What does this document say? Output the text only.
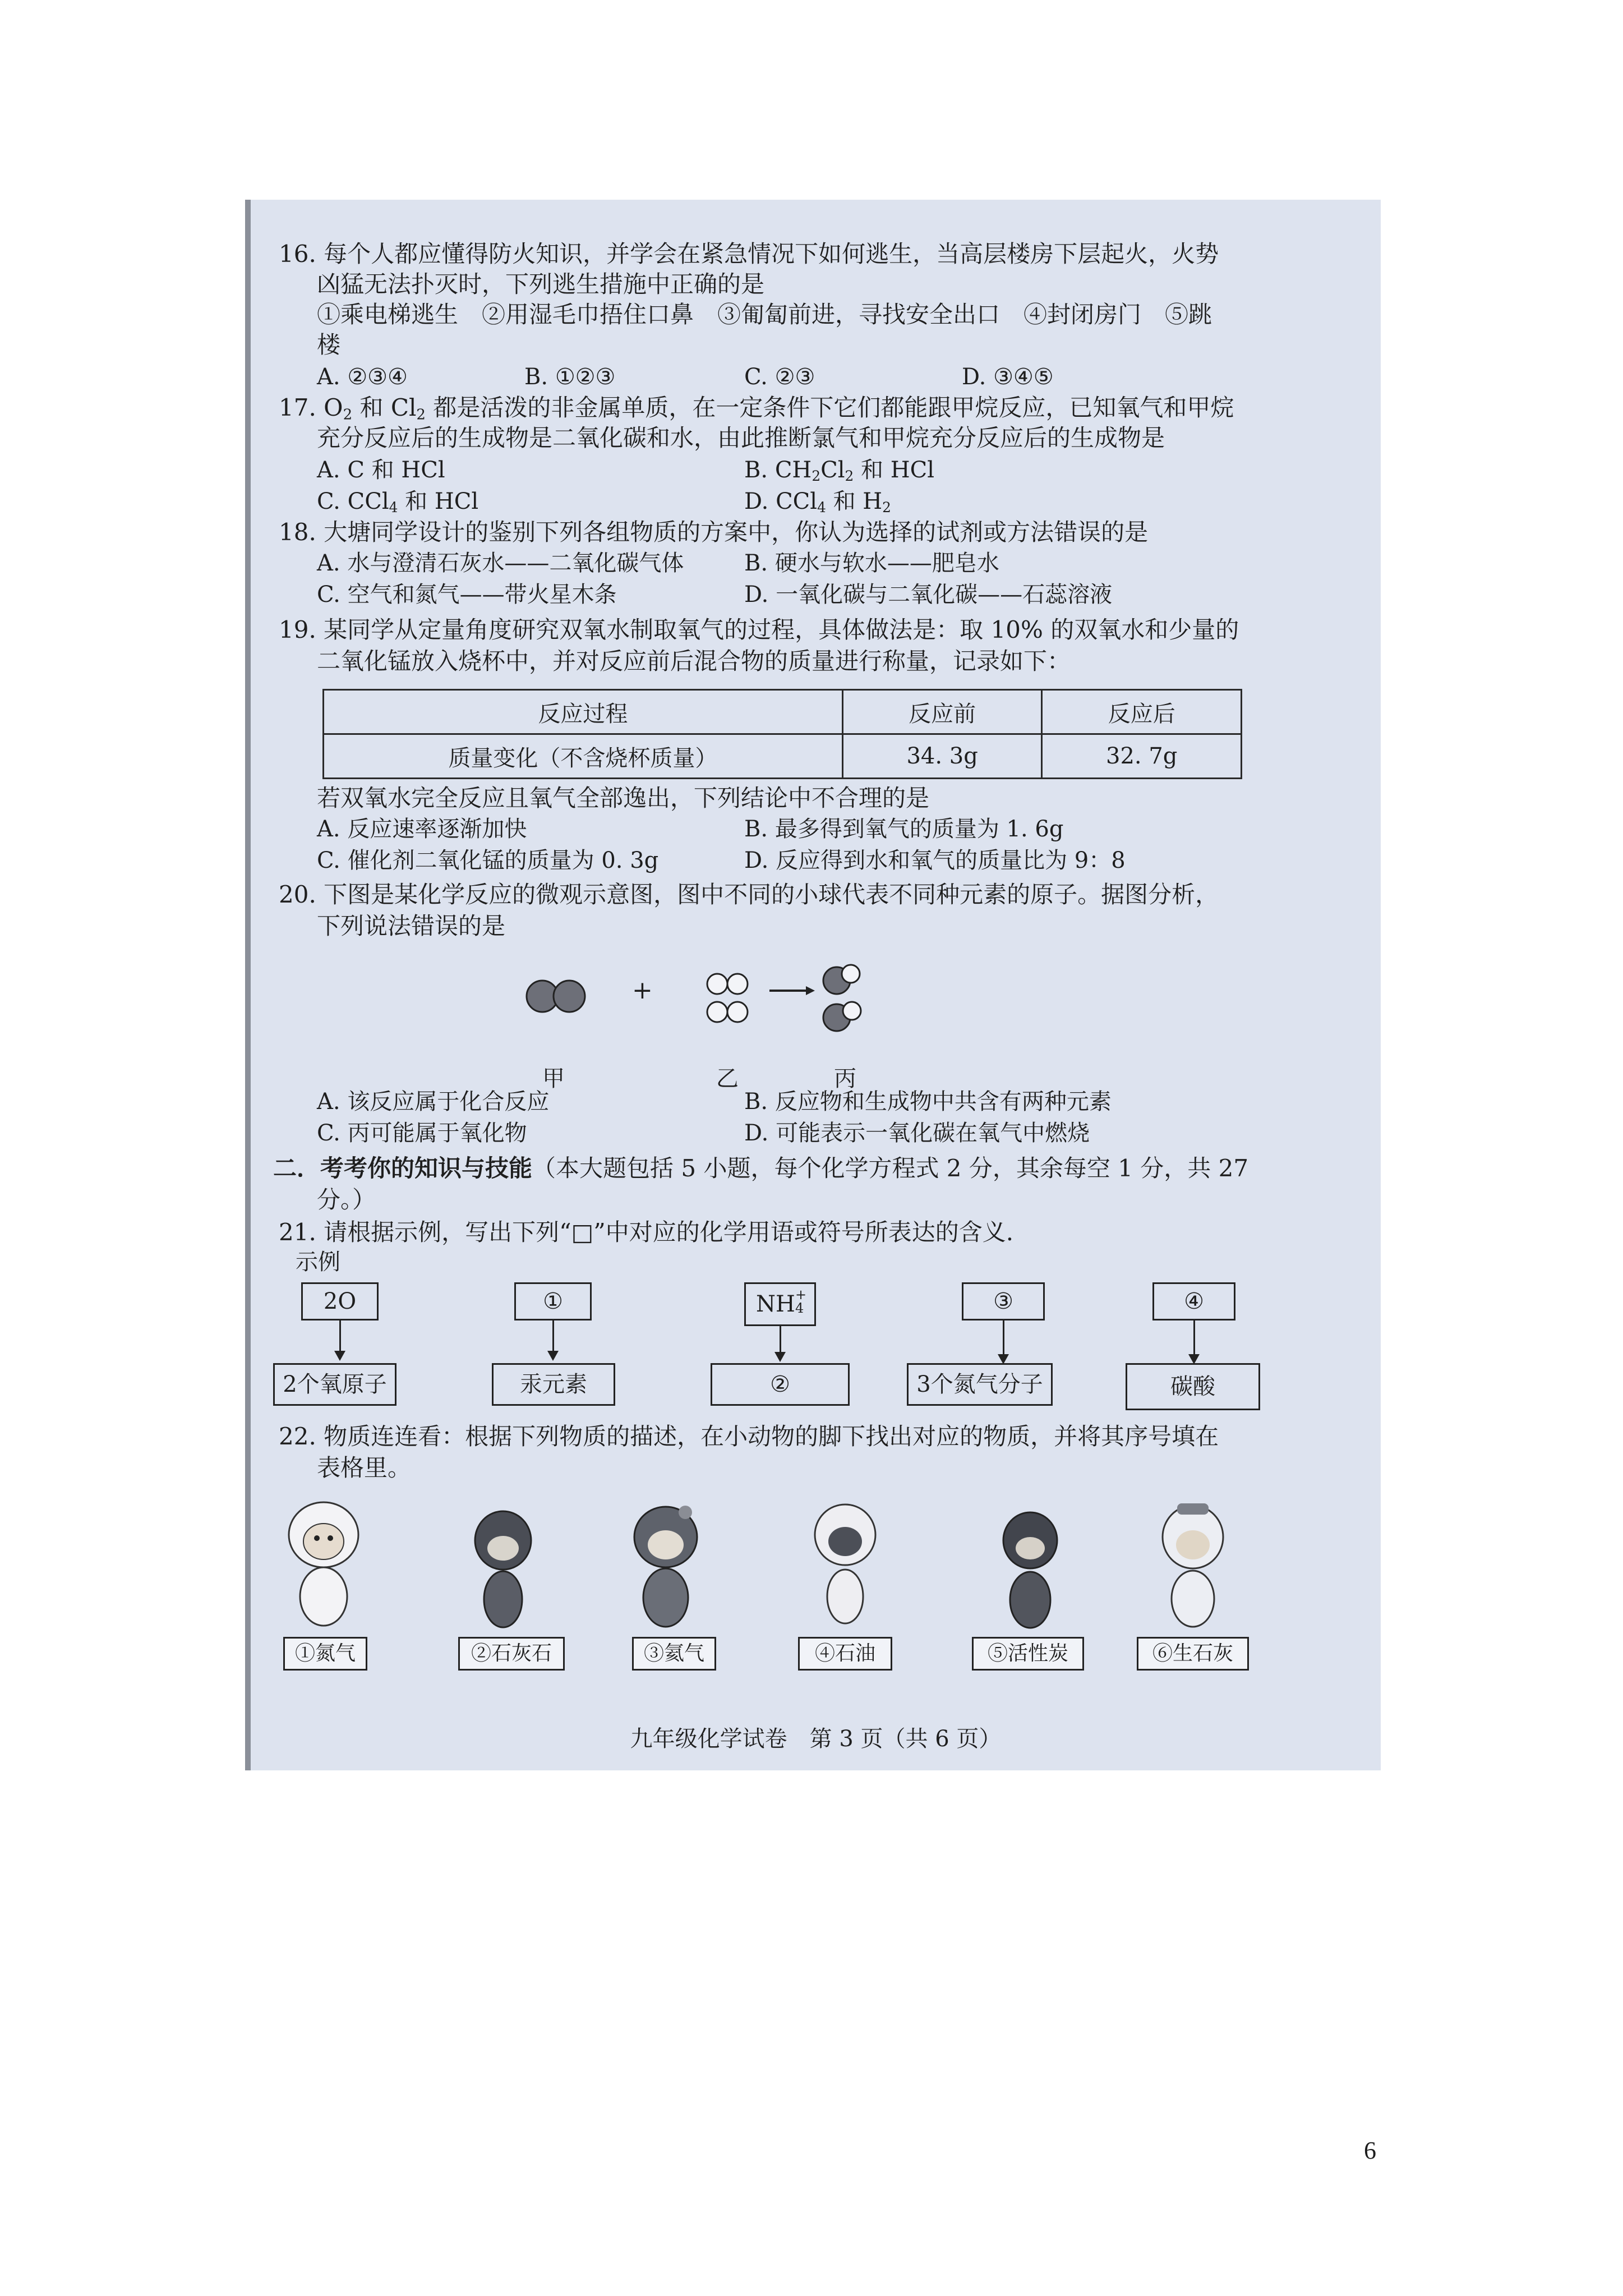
16. 每个人都应懂得防火知识，并学会在紧急情况下如何逃生，当高层楼房下层起火，火势
凶猛无法扑灭时，下列逃生措施中正确的是
①乘电梯逃生　②用湿毛巾捂住口鼻　③匍匐前进，寻找安全出口　④封闭房门　⑤跳
楼
A. ②③④	B. ①②③	C. ②③	D. ③④⑤
17. $O_2$ 和 $Cl_2$ 都是活泼的非金属单质，在一定条件下它们都能跟甲烷反应，已知氧气和甲烷
充分反应后的生成物是二氧化碳和水，由此推断氯气和甲烷充分反应后的生成物是
A. C 和 HCl	B. $CH_2Cl_2$ 和 HCl
C. CCl$_4$ 和 HCl	D. CCl$_4$ 和 $H_2$
18. 大塘同学设计的鉴别下列各组物质的方案中，你认为选择的试剂或方法错误的是
A. 水与澄清石灰水——二氧化碳气体	B. 硬水与软水——肥皂水
C. 空气和氮气——带火星木条	D. 一氧化碳与二氧化碳——石蕊溶液
19. 某同学从定量角度研究双氧水制取氧气的过程，具体做法是：取 10% 的双氧水和少量的
二氧化锰放入烧杯中，并对反应前后混合物的质量进行称量，记录如下：
反应过程	反应前	反应后
质量变化（不含烧杯质量）	34. 3g	32. 7g
若双氧水完全反应且氧气全部逸出，下列结论中不合理的是
A. 反应速率逐渐加快	B. 最多得到氧气的质量为 1. 6g
C. 催化剂二氧化锰的质量为 0. 3g	D. 反应得到水和氧气的质量比为 9：8
20. 下图是某化学反应的微观示意图，图中不同的小球代表不同种元素的原子。据图分析，
下列说法错误的是
+
甲	乙	丙
A. 该反应属于化合反应	B. 反应物和生成物中共含有两种元素
C. 丙可能属于氧化物	D. 可能表示一氧化碳在氧气中燃烧
二．考考你的知识与技能（本大题包括 5 小题，每个化学方程式 2 分，其余每空 1 分，共 27
分。）
21. 请根据示例，写出下列“□”中对应的化学用语或符号所表达的含义.
示例
2O	①	NH +
4	③	④
2个氧原子	汞元素	②	3个氮气分子	碳酸
22. 物质连连看：根据下列物质的描述，在小动物的脚下找出对应的物质，并将其序号填在
表格里。
①氮气	②石灰石	③氦气	④石油	⑤活性炭	⑥生石灰
九年级化学试卷　第 3 页（共 6 页）
6
